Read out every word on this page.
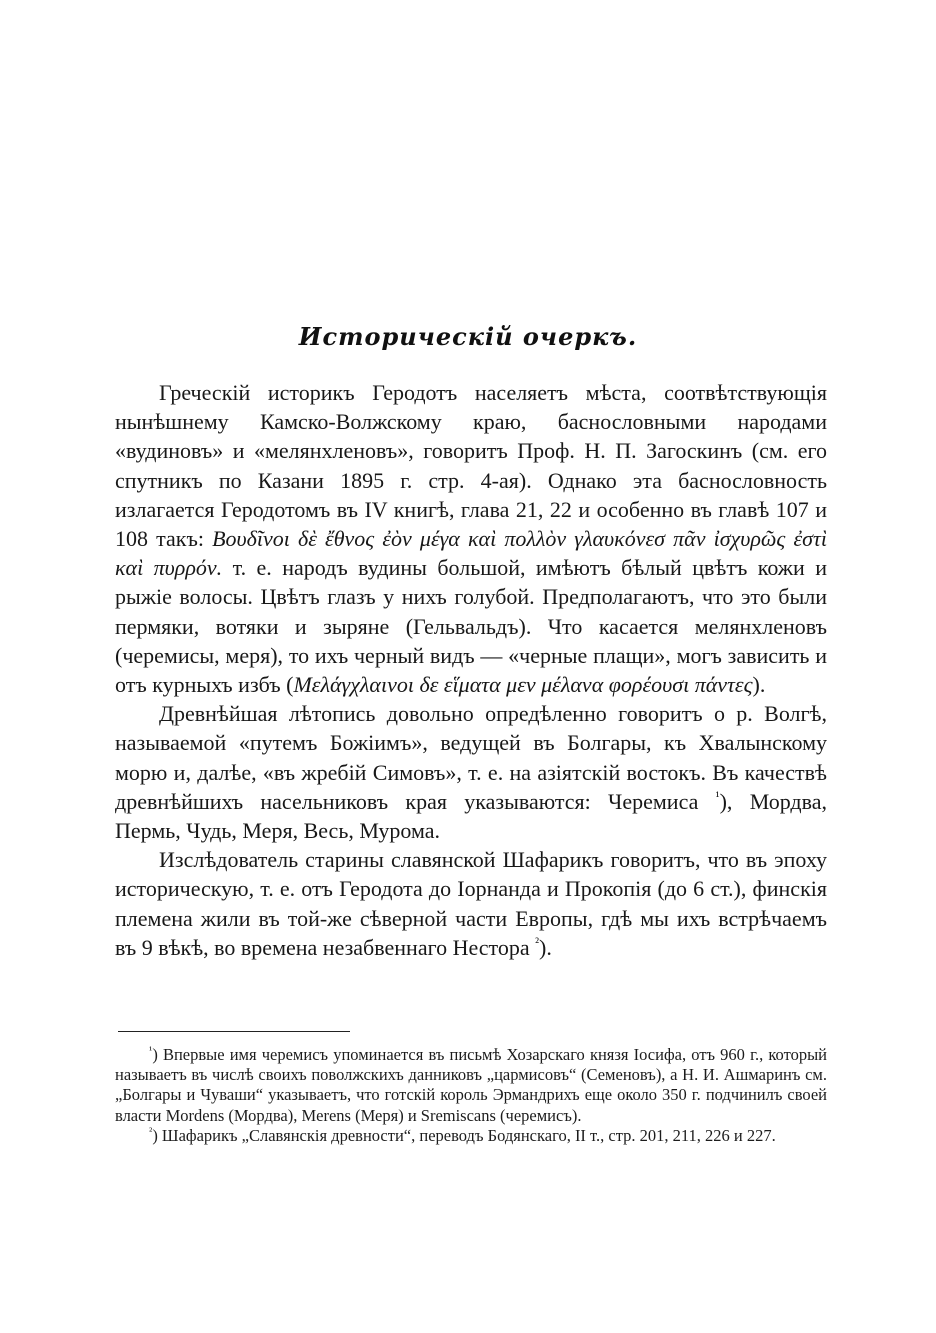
Историческій очеркъ.

Греческій историкъ Геродотъ населяетъ мѣста, соотвѣтствующія нынѣшнему Камско-Волжскому краю, баснословными народами «вудиновъ» и «мелянхленовъ», говоритъ Проф. Н. П. Загоскинъ (см. его спутникъ по Казани 1895 г. стр. 4-ая). Однако эта баснословность излагается Геродотомъ въ IV книгѣ, глава 21, 22 и особенно въ главѣ 107 и 108 такъ: Βουδῖνοι δὲ ἔθνος ἐὸν μέγα καὶ πολλὸν γλαυκόνεσ πᾶν ἰσχυρῶς ἐστὶ καὶ πυρρόν. т. е. народъ вудины большой, имѣютъ бѣлый цвѣтъ кожи и рыжіе волосы. Цвѣтъ глазъ у нихъ голубой. Предполагаютъ, что это были пермяки, вотяки и зыряне (Гельвальдъ). Что касается мелянхленовъ (черемисы, меря), то ихъ черный видъ — «черные плащи», могъ зависить и отъ курныхъ избъ (Μελάγχλαινοι δε εἵματα μεν μέλανα φορέουσι πάντες).

Древнѣйшая лѣтопись довольно опредѣленно говоритъ о р. Волгѣ, называемой «путемъ Божіимъ», ведущей въ Болгары, къ Хвалынскому морю и, далѣе, «въ жребій Симовъ», т. е. на азіятскій востокъ. Въ качествѣ древнѣйшихъ насельниковъ края указываются: Черемиса $^{^1}$), Мордва, Пермь, Чудь, Меря, Весь, Мурома.

Изслѣдователь старины славянской Шафарикъ говоритъ, что въ эпоху историческую, т. е. отъ Геродота до Іорнанда и Прокопія (до 6 ст.), финскія племена жили въ той-же сѣверной части Европы, гдѣ мы ихъ встрѣчаемъ въ 9 вѣкѣ, во времена незабвеннаго Нестора $^{^2}$).

$^{^1}$) Впервые имя черемисъ упоминается въ письмѣ Хозарскаго князя Іосифа, отъ 960 г., который называетъ въ числѣ своихъ поволжскихъ данниковъ „цармисовъ“ (Семеновъ), а Н. И. Ашмаринъ см. „Болгары и Чуваши“ указываетъ, что готскій король Эрмандрихъ еще около 350 г. подчинилъ своей власти Mordens (Мордва), Merens (Меря) и Sremiscans (черемисъ).

$^{^2}$) Шафарикъ „Славянскія древности“, переводъ Бодянскаго, II т., стр. 201, 211, 226 и 227.
